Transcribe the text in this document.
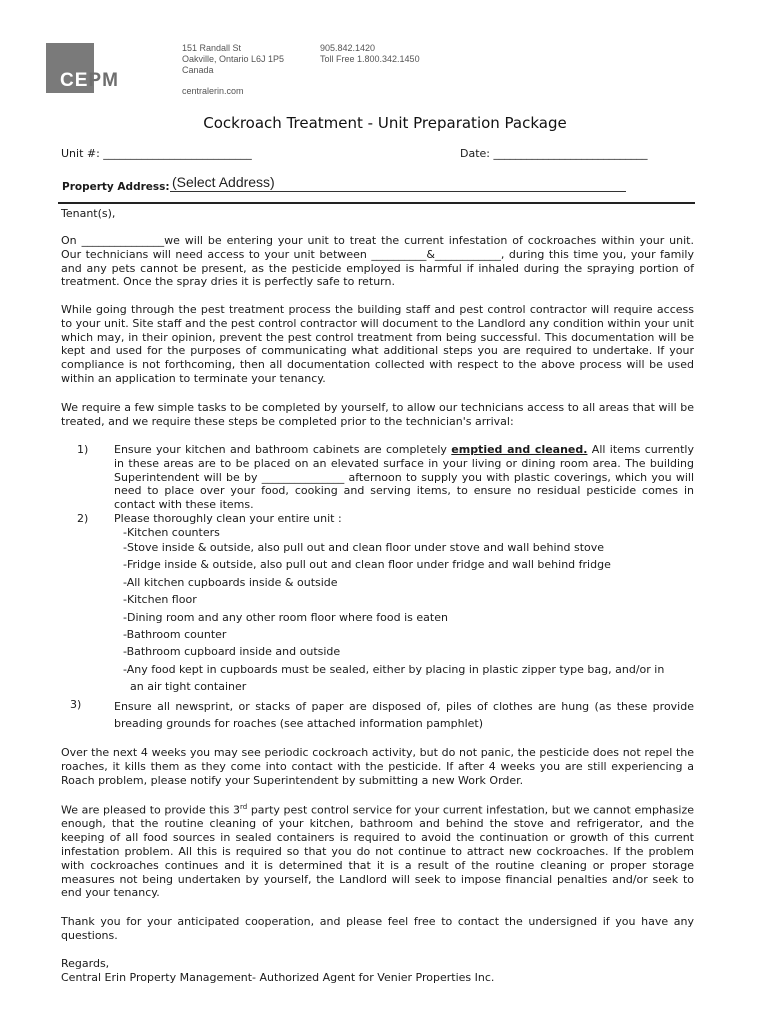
CEPM
151 Randall St
Oakville, Ontario L6J 1P5
Canada
905.842.1420
Toll Free 1.800.342.1450
centralerin.com
Cockroach Treatment - Unit Preparation Package
Unit #: ___________________________	Date: ____________________________
Property Address: (Select Address)
Tenant(s),
On _______________we will be entering your unit to treat the current infestation of cockroaches within your unit. Our technicians will need access to your unit between __________&____________, during this time you, your family and any pets cannot be present, as the pesticide employed is harmful if inhaled during the spraying portion of treatment. Once the spray dries it is perfectly safe to return.
While going through the pest treatment process the building staff and pest control contractor will require access to your unit. Site staff and the pest control contractor will document to the Landlord any condition within your unit which may, in their opinion, prevent the pest control treatment from being successful. This documentation will be kept and used for the purposes of communicating what additional steps you are required to undertake. If your compliance is not forthcoming, then all documentation collected with respect to the above process will be used within an application to terminate your tenancy.
We require a few simple tasks to be completed by yourself, to allow our technicians access to all areas that will be treated, and we require these steps be completed prior to the technician's arrival:
1) Ensure your kitchen and bathroom cabinets are completely emptied and cleaned. All items currently in these areas are to be placed on an elevated surface in your living or dining room area. The building Superintendent will be by _______________ afternoon to supply you with plastic coverings, which you will need to place over your food, cooking and serving items, to ensure no residual pesticide comes in contact with these items.
2) Please thoroughly clean your entire unit :
-Kitchen counters
-Stove inside & outside, also pull out and clean floor under stove and wall behind stove
-Fridge inside & outside, also pull out and clean floor under fridge and wall behind fridge
-All kitchen cupboards inside & outside
-Kitchen floor
-Dining room and any other room floor where food is eaten
-Bathroom counter
-Bathroom cupboard inside and outside
-Any food kept in cupboards must be sealed, either by placing in plastic zipper type bag, and/or in
an air tight container
3)	Ensure all newsprint, or stacks of paper are disposed of, piles of clothes are hung (as these provide breading grounds for roaches (see attached information pamphlet)
Over the next 4 weeks you may see periodic cockroach activity, but do not panic, the pesticide does not repel the roaches, it kills them as they come into contact with the pesticide. If after 4 weeks you are still experiencing a Roach problem, please notify your Superintendent by submitting a new Work Order.
We are pleased to provide this 3rd party pest control service for your current infestation, but we cannot emphasize enough, that the routine cleaning of your kitchen, bathroom and behind the stove and refrigerator, and the keeping of all food sources in sealed containers is required to avoid the continuation or growth of this current infestation problem. All this is required so that you do not continue to attract new cockroaches. If the problem with cockroaches continues and it is determined that it is a result of the routine cleaning or proper storage measures not being undertaken by yourself, the Landlord will seek to impose financial penalties and/or seek to end your tenancy.
Thank you for your anticipated cooperation, and please feel free to contact the undersigned if you have any questions.
Regards,
Central Erin Property Management- Authorized Agent for Venier Properties Inc.
